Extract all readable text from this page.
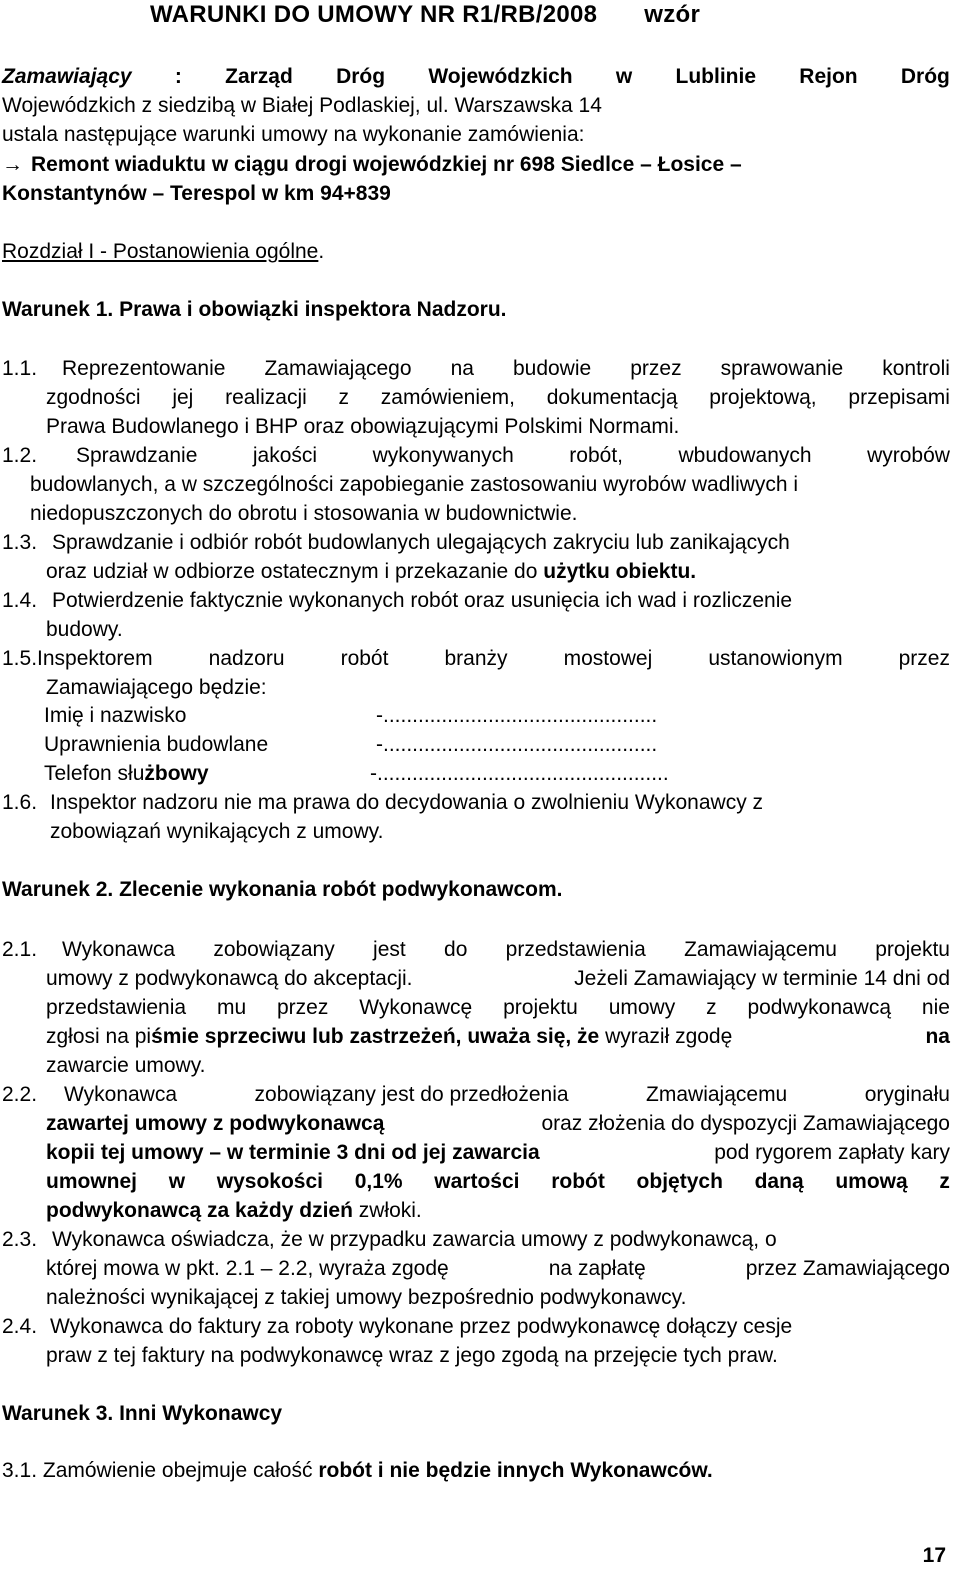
WARUNKI DO UMOWY NR R1/RB/2008 wzór
Zamawiający : Zarząd Dróg Wojewódzkich w Lublinie Rejon Dróg
Wojewódzkich z siedzibą w Białej Podlaskiej, ul. Warszawska 14
ustala następujące warunki umowy na wykonanie zamówienia:
→ Remont wiaduktu w ciągu drogi wojewódzkiej nr 698 Siedlce – Łosice –
Konstantynów – Terespol w km 94+839
Rozdział I - Postanowienia ogólne.
Warunek 1. Prawa i obowiązki inspektora Nadzoru.
1.1. Reprezentowanie Zamawiającego na budowie przez sprawowanie kontroli
zgodności jej realizacji z zamówieniem, dokumentacją projektową, przepisami
Prawa Budowlanego i BHP oraz obowiązującymi Polskimi Normami.
1.2. Sprawdzanie	jakości	wykonywanych	robót,	wbudowanych	wyrobów
budowlanych, a w szczególności zapobieganie zastosowaniu wyrobów wadliwych i
niedopuszczonych do obrotu i stosowania w budownictwie.
1.3. Sprawdzanie i odbiór robót budowlanych ulegających zakryciu lub zanikających
oraz udział w odbiorze ostatecznym i przekazanie do użytku obiektu.
1.4. Potwierdzenie faktycznie wykonanych robót oraz usunięcia ich wad i rozliczenie
budowy.
1.5.Inspektorem	nadzoru	robót	branży	mostowej	ustanowionym	przez
Zamawiającego będzie:
Imię i nazwisko	-...............................................
Uprawnienia budowlane	-...............................................
Telefon służbowy	-..................................................
1.6. Inspektor nadzoru nie ma prawa do decydowania o zwolnieniu Wykonawcy z
zobowiązań wynikających z umowy.
Warunek 2. Zlecenie wykonania robót podwykonawcom.
2.1. Wykonawca zobowiązany jest do przedstawienia Zamawiającemu projektu
umowy z podwykonawcą do akceptacji.	Jeżeli Zamawiający w terminie 14 dni od
przedstawienia mu przez Wykonawcę projektu umowy z podwykonawcą nie
zgłosi na pi śmie sprzeciwu lub zastrzeżeń, uważa się, że wyraził zgodę	na
zawarcie umowy.
2.2. Wykonawca	zobowiązany jest do przedłożenia	Zmawiającemu	oryginału
zawartej umowy z podwykonawcą	oraz złożenia do dyspozycji Zamawiającego
kopii tej umowy – w terminie 3 dni od jej zawarcia	pod rygorem zapłaty kary
umownej w wysokości 0,1% wartości robót objętych daną umową z
podwykonawcą za każdy dzień zwłoki.
2.3. Wykonawca oświadcza, że w przypadku zawarcia umowy z podwykonawcą, o
której mowa w pkt. 2.1 – 2.2, wyraża zgodę	na zapłatę	przez Zamawiającego
należności wynikającej z takiej umowy bezpośrednio podwykonawcy.
2.4. Wykonawca do faktury za roboty wykonane przez podwykonawcę dołączy cesje
praw z tej faktury na podwykonawcę wraz z jego zgodą na przejęcie tych praw.
Warunek 3. Inni Wykonawcy
3.1. Zamówienie obejmuje całość robót i nie będzie innych Wykonawców.
17
